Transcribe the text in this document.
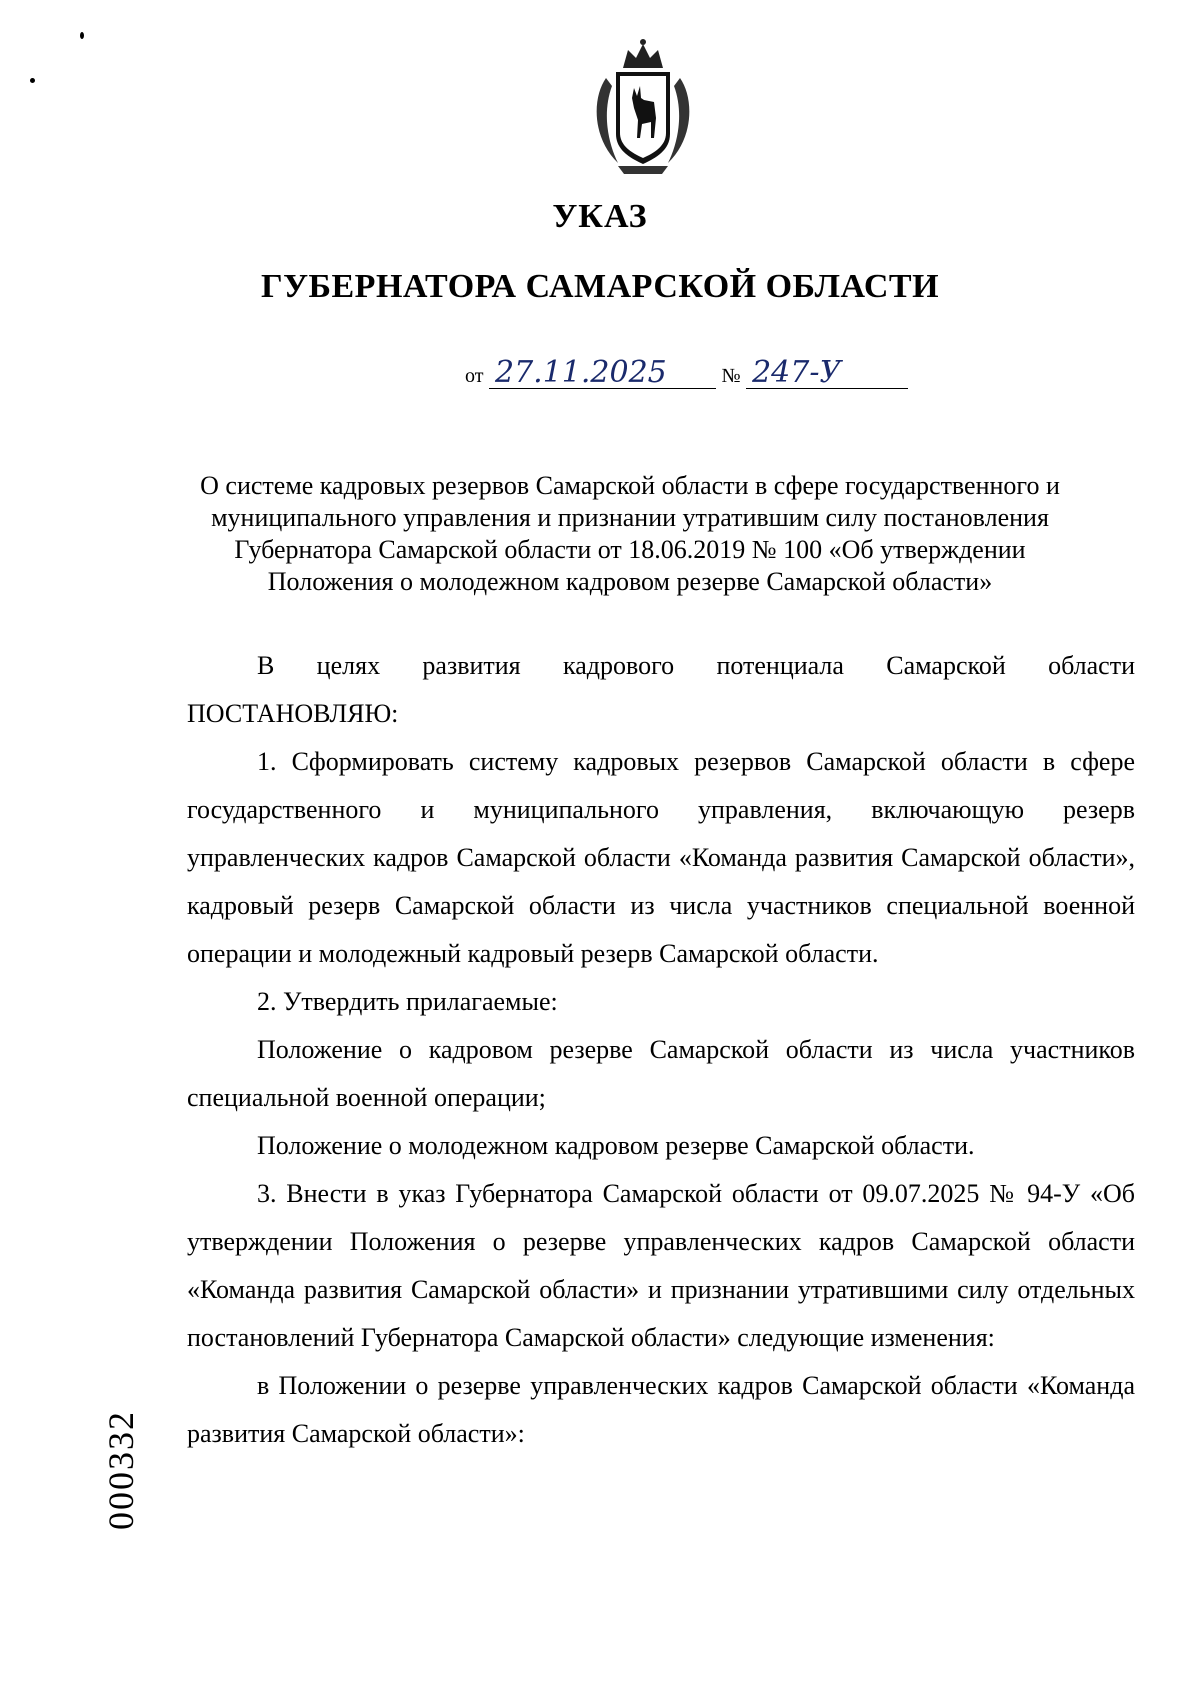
УКАЗ
ГУБЕРНАТОРА САМАРСКОЙ ОБЛАСТИ
от 27.11.2025	№ 247-У
О системе кадровых резервов Самарской области в сфере государственного и
муниципального управления и признании утратившим силу постановления
Губернатора Самарской области от 18.06.2019 № 100 «Об утверждении
Положения о молодежном кадровом резерве Самарской области»

В целях развития кадрового потенциала Самарской области

ПОСТАНОВЛЯЮ:

1. Сформировать систему кадровых резервов Самарской области в сфере государственного и муниципального управления, включающую резерв управленческих кадров Самарской области «Команда развития Самарской области», кадровый резерв Самарской области из числа участников специальной военной операции и молодежный кадровый резерв Самарской области.

2. Утвердить прилагаемые:

Положение о кадровом резерве Самарской области из числа участников специальной военной операции;

Положение о молодежном кадровом резерве Самарской области.

3. Внести в указ Губернатора Самарской области от 09.07.2025 № 94-У «Об утверждении Положения о резерве управленческих кадров Самарской области «Команда развития Самарской области» и признании утратившими силу отдельных постановлений Губернатора Самарской области» следующие изменения:

в Положении о резерве управленческих кадров Самарской области «Команда развития Самарской области»:

000332
